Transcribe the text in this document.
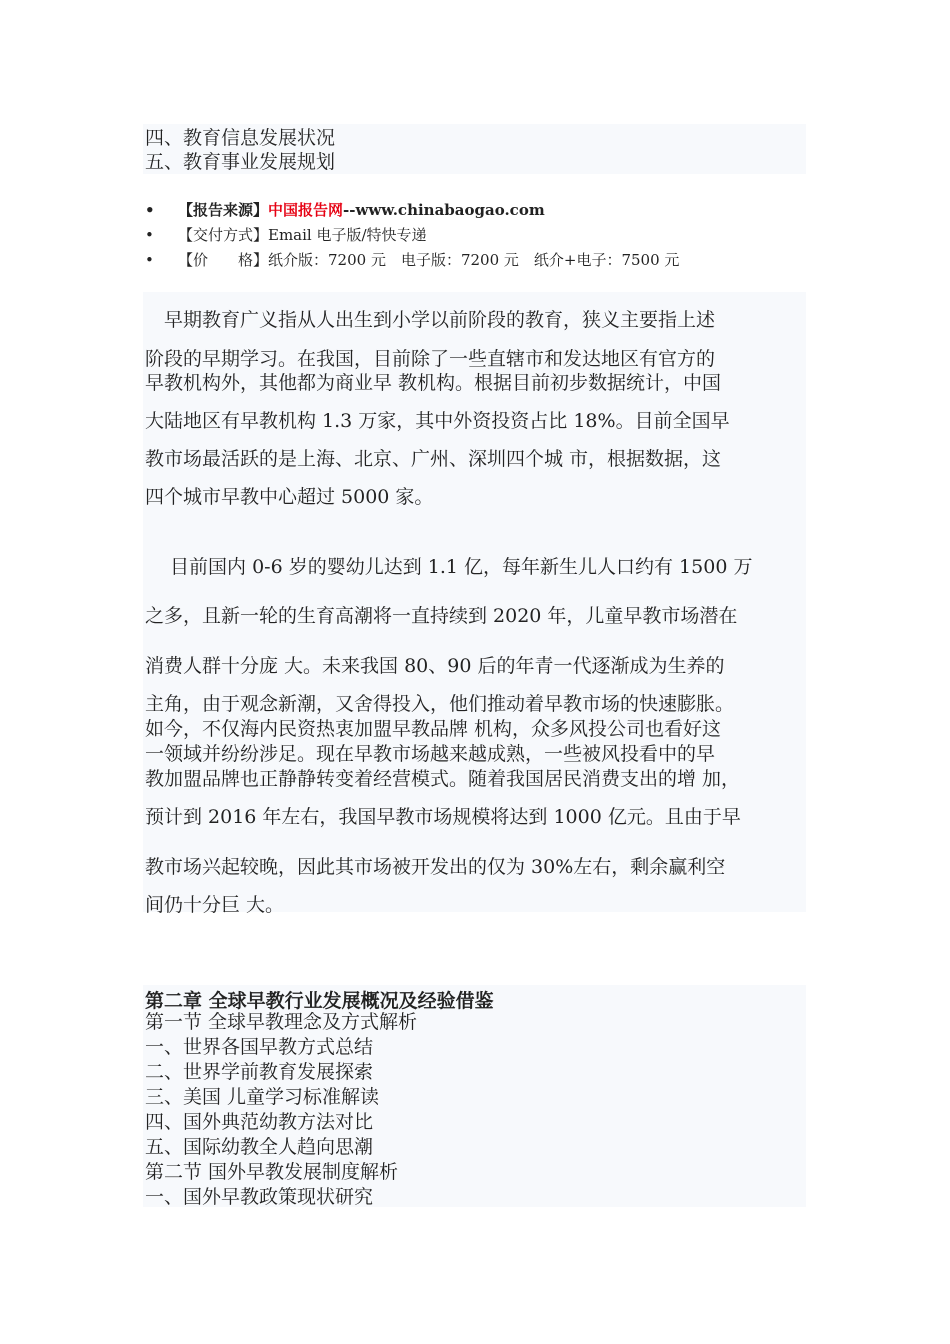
四、教育信息发展状况
五、教育事业发展规划
• 【报告来源】中国报告网--www.chinabaogao.com
• 【交付方式】Email 电子版/特快专递
• 【价　　格】纸介版：7200 元　电子版：7200 元　纸介+电子：7500 元
　早期教育广义指从人出生到小学以前阶段的教育，狭义主要指上述
阶段的早期学习。在我国，目前除了一些直辖市和发达地区有官方的
早教机构外，其他都为商业早 教机构。根据目前初步数据统计，中国
大陆地区有早教机构 1.3 万家，其中外资投资占比 18%。目前全国早
教市场最活跃的是上海、北京、广州、深圳四个城 市，根据数据，这
四个城市早教中心超过 5000 家。
　 目前国内 0-6 岁的婴幼儿达到 1.1 亿，每年新生儿人口约有 1500 万
之多，且新一轮的生育高潮将一直持续到 2020 年，儿童早教市场潜在
消费人群十分庞 大。未来我国 80、90 后的年青一代逐渐成为生养的
主角，由于观念新潮，又舍得投入，他们推动着早教市场的快速膨胀。
如今，不仅海内民资热衷加盟早教品牌 机构，众多风投公司也看好这
一领域并纷纷涉足。现在早教市场越来越成熟，一些被风投看中的早
教加盟品牌也正静静转变着经营模式。随着我国居民消费支出的增 加，
预计到 2016 年左右，我国早教市场规模将达到 1000 亿元。且由于早
教市场兴起较晚，因此其市场被开发出的仅为 30%左右，剩余赢利空
间仍十分巨 大。
第二章 全球早教行业发展概况及经验借鉴
第一节 全球早教理念及方式解析
一、世界各国早教方式总结
二、世界学前教育发展探索
三、美国 儿童学习标准解读
四、国外典范幼教方法对比
五、国际幼教全人趋向思潮
第二节 国外早教发展制度解析
一、国外早教政策现状研究
